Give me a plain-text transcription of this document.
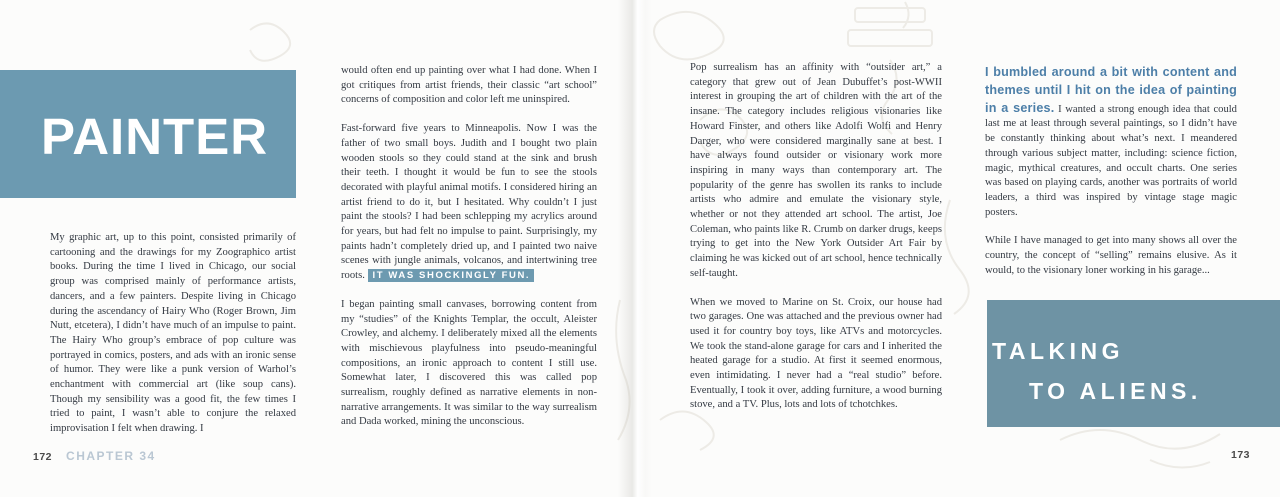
PAINTER

My graphic art, up to this point, consisted primarily of cartooning and the drawings for my Zoographico artist books. During the time I lived in Chicago, our social group was comprised mainly of performance artists, dancers, and a few painters. Despite living in Chicago during the ascendancy of Hairy Who (Roger Brown, Jim Nutt, etcetera), I didn’t have much of an impulse to paint. The Hairy Who group’s embrace of pop culture was portrayed in comics, posters, and ads with an ironic sense of humor. They were like a punk version of Warhol’s enchantment with commercial art (like soup cans). Though my sensibility was a good fit, the few times I tried to paint, I wasn’t able to conjure the relaxed improvisation I felt when drawing. I

would often end up painting over what I had done. When I got critiques from artist friends, their classic “art school” concerns of composition and color left me uninspired.

Fast-forward five years to Minneapolis. Now I was the father of two small boys. Judith and I bought two plain wooden stools so they could stand at the sink and brush their teeth. I thought it would be fun to see the stools decorated with playful animal motifs. I considered hiring an artist friend to do it, but I hesitated. Why couldn’t I just paint the stools? I had been schlepping my acrylics around for years, but had felt no impulse to paint. Surprisingly, my paints hadn’t completely dried up, and I painted two naive scenes with jungle animals, volcanos, and intertwining tree roots. IT WAS SHOCKINGLY FUN.

I began painting small canvases, borrowing content from my “studies” of the Knights Templar, the occult, Aleister Crowley, and alchemy. I deliberately mixed all the elements with mischievous playfulness into pseudo-meaningful compositions, an ironic approach to content I still use. Somewhat later, I discovered this was called pop surrealism, roughly defined as narrative elements in non-narrative arrangements. It was similar to the way surrealism and Dada worked, mining the unconscious.

172 CHAPTER 34

Pop surrealism has an affinity with “outsider art,” a category that grew out of Jean Dubuffet’s post-WWII interest in grouping the art of children with the art of the insane. The category includes religious visionaries like Howard Finster, and others like Adolfi Wolfi and Henry Darger, who were considered marginally sane at best. I have always found outsider or visionary work more inspiring in many ways than contemporary art. The popularity of the genre has swollen its ranks to include artists who admire and emulate the visionary style, whether or not they attended art school. The artist, Joe Coleman, who paints like R. Crumb on darker drugs, keeps trying to get into the New York Outsider Art Fair by claiming he was kicked out of art school, hence technically self-taught.

When we moved to Marine on St. Croix, our house had two garages. One was attached and the previous owner had used it for country boy toys, like ATVs and motorcycles. We took the stand-alone garage for cars and I inherited the heated garage for a studio. At first it seemed enormous, even intimidating. I never had a “real studio” before. Eventually, I took it over, adding furniture, a wood burning stove, and a TV. Plus, lots and lots of tchotchkes.

I bumbled around a bit with content and themes until I hit on the idea of painting in a series. I wanted a strong enough idea that could last me at least through several paintings, so I didn’t have be constantly thinking about what’s next. I meandered through various subject matter, including: science fiction, magic, mythical creatures, and occult charts. One series was based on playing cards, another was portraits of world leaders, a third was inspired by vintage stage magic posters.

While I have managed to get into many shows all over the country, the concept of “selling” remains elusive. As it would, to the visionary loner working in his garage...

TALKING
TO ALIENS.
173
